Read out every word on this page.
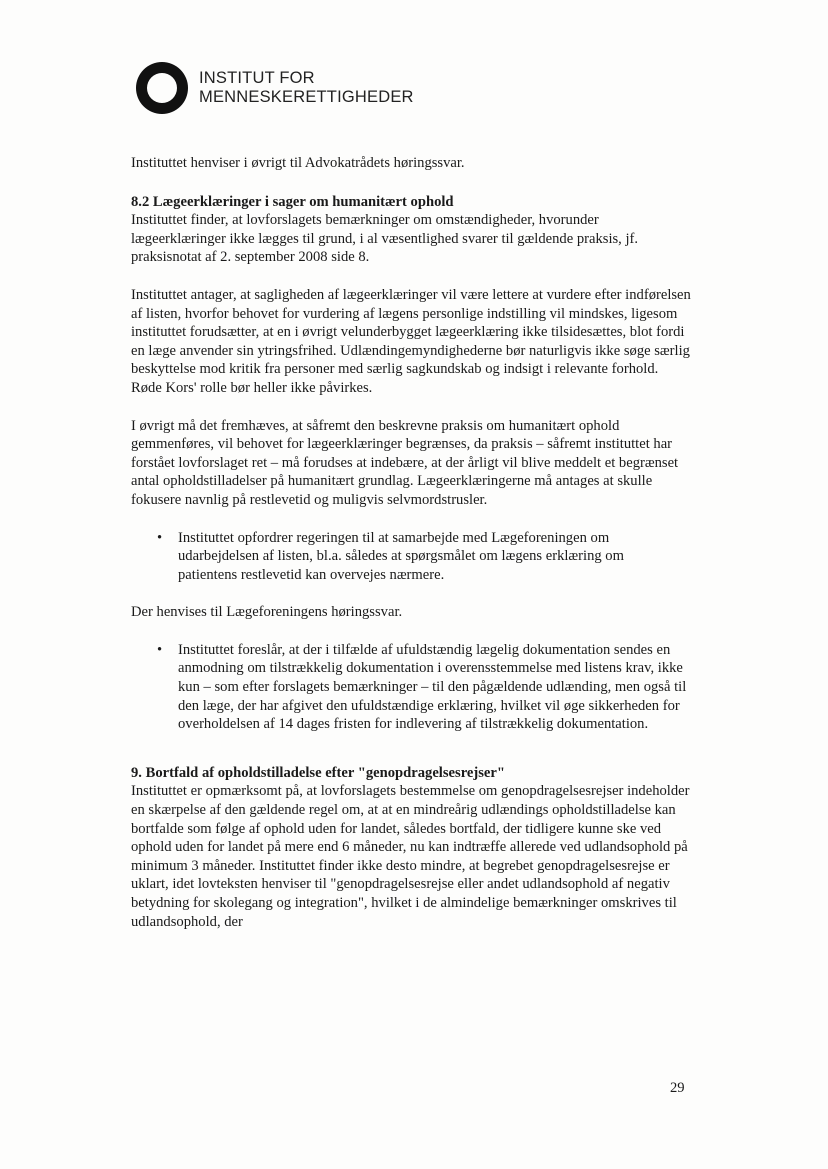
INSTITUT FOR
MENNESKERETTIGHEDER

Instituttet henviser i øvrigt til Advokatrådets høringssvar.

8.2 Lægeerklæringer i sager om humanitært ophold

Instituttet finder, at lovforslagets bemærkninger om omstændigheder, hvorunder lægeerklæringer ikke lægges til grund, i al væsentlighed svarer til gældende praksis, jf. praksisnotat af 2. september 2008 side 8.

Instituttet antager, at sagligheden af lægeerklæringer vil være lettere at vurdere efter indførelsen af listen, hvorfor behovet for vurdering af lægens personlige indstilling vil mindskes, ligesom instituttet forudsætter, at en i øvrigt velunderbygget lægeerklæring ikke tilsidesættes, blot fordi en læge anvender sin ytringsfrihed. Udlændingemyndighederne bør naturligvis ikke søge særlig beskyttelse mod kritik fra personer med særlig sagkundskab og indsigt i relevante forhold. Røde Kors' rolle bør heller ikke påvirkes.

I øvrigt må det fremhæves, at såfremt den beskrevne praksis om humanitært ophold gemmenføres, vil behovet for lægeerklæringer begrænses, da praksis – såfremt instituttet har forstået lovforslaget ret – må forudses at indebære, at der årligt vil blive meddelt et begrænset antal opholdstilladelser på humanitært grundlag. Lægeerklæringerne må antages at skulle fokusere navnlig på restlevetid og muligvis selvmordstrusler.

• Instituttet opfordrer regeringen til at samarbejde med Lægeforeningen om udarbejdelsen af listen, bl.a. således at spørgsmålet om lægens erklæring om patientens restlevetid kan overvejes nærmere.

Der henvises til Lægeforeningens høringssvar.

• Instituttet foreslår, at der i tilfælde af ufuldstændig lægelig dokumentation sendes en anmodning om tilstrækkelig dokumentation i overensstemmelse med listens krav, ikke kun – som efter forslagets bemærkninger – til den pågældende udlænding, men også til den læge, der har afgivet den ufuldstændige erklæring, hvilket vil øge sikkerheden for overholdelsen af 14 dages fristen for indlevering af tilstrækkelig dokumentation.

9. Bortfald af opholdstilladelse efter "genopdragelsesrejser"

Instituttet er opmærksomt på, at lovforslagets bestemmelse om genopdragelsesrejser indeholder en skærpelse af den gældende regel om, at at en mindreårig udlændings opholdstilladelse kan bortfalde som følge af ophold uden for landet, således bortfald, der tidligere kunne ske ved ophold uden for landet på mere end 6 måneder, nu kan indtræffe allerede ved udlandsophold på minimum 3 måneder. Instituttet finder ikke desto mindre, at begrebet genopdragelsesrejse er uklart, idet lovteksten henviser til "genopdragelsesrejse eller andet udlandsophold af negativ betydning for skolegang og integration", hvilket i de almindelige bemærkninger omskrives til udlandsophold, der

29
